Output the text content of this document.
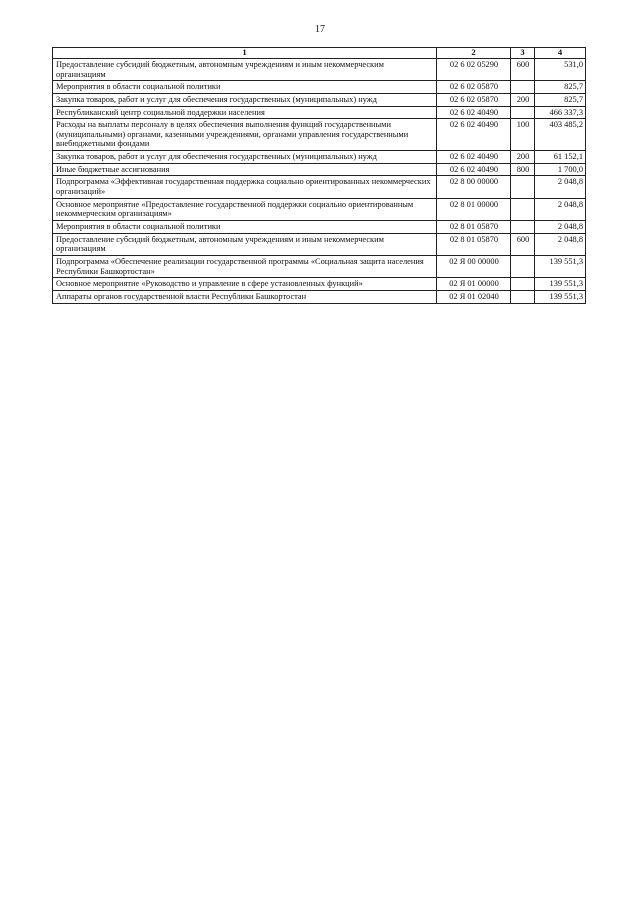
17
1	2	3	4
Предоставление субсидий бюджетным, автономным учреждениям и иным некоммерческим организациям	02 6 02 05290	600	531,0
Мероприятия в области социальной политики	02 6 02 05870		825,7
Закупка товаров, работ и услуг для обеспечения государственных (муниципальных) нужд	02 6 02 05870	200	825,7
Республиканский центр социальной поддержки населения	02 6 02 40490		466 337,3
Расходы на выплаты персоналу в целях обеспечения выполнения функций государственными (муниципальными) органами, казенными учреждениями, органами управления государственными внебюджетными фондами	02 6 02 40490	100	403 485,2
Закупка товаров, работ и услуг для обеспечения государственных (муниципальных) нужд	02 6 02 40490	200	61 152,1
Иные бюджетные ассигнования	02 6 02 40490	800	1 700,0
Подпрограмма «Эффективная государственная поддержка социально ориентированных некоммерческих организаций»	02 8 00 00000		2 048,8
Основное мероприятие «Предоставление государственной поддержки социально ориентированным некоммерческим организациям»	02 8 01 00000		2 048,8
Мероприятия в области социальной политики	02 8 01 05870		2 048,8
Предоставление субсидий бюджетным, автономным учреждениям и иным некоммерческим организациям	02 8 01 05870	600	2 048,8
Подпрограмма «Обеспечение реализации государственной программы «Социальная защита населения Республики Башкортостан»	02 Я 00 00000		139 551,3
Основное мероприятие «Руководство и управление в сфере установленных функций»	02 Я 01 00000		139 551,3
Аппараты органов государственной власти Республики Башкортостан	02 Я 01 02040		139 551,3
